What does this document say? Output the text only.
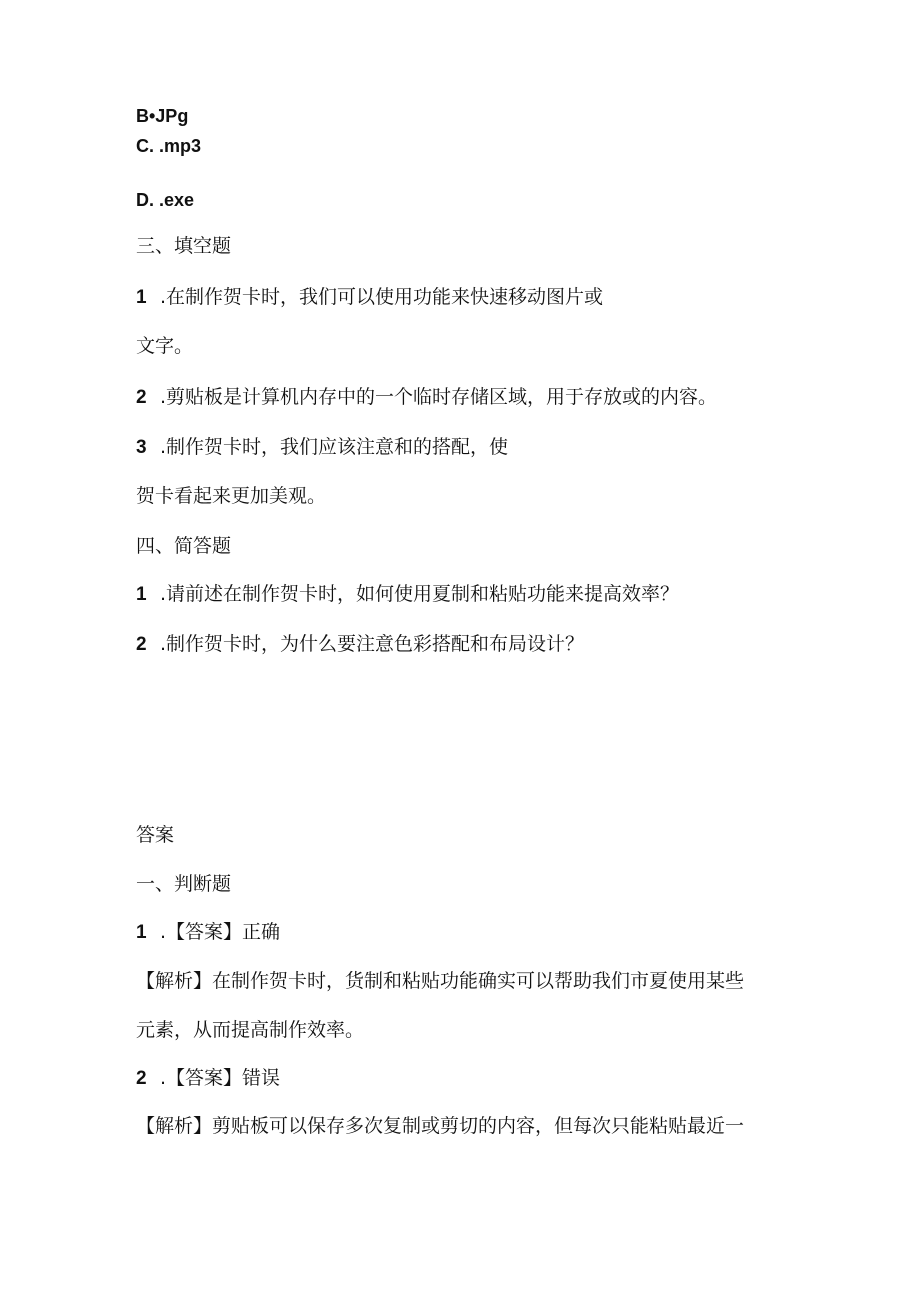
B•JPg
C. .mp3
D. .exe
三、填空题
1 .在制作贺卡时，我们可以使用功能来快速移动图片或
文字。
2 .剪贴板是计算机内存中的一个临时存储区域，用于存放或的内容。
3 .制作贺卡时，我们应该注意和的搭配，使
贺卡看起来更加美观。
四、简答题
1 .请前述在制作贺卡时，如何使用夏制和粘贴功能来提高效率？
2 .制作贺卡时，为什么要注意色彩搭配和布局设计？
答案
一、判断题
1 .【答案】正确
【解析】在制作贺卡时，货制和粘贴功能确实可以帮助我们市夏使用某些
元素，从而提高制作效率。
2 .【答案】错误
【解析】剪贴板可以保存多次复制或剪切的内容，但每次只能粘贴最近一
